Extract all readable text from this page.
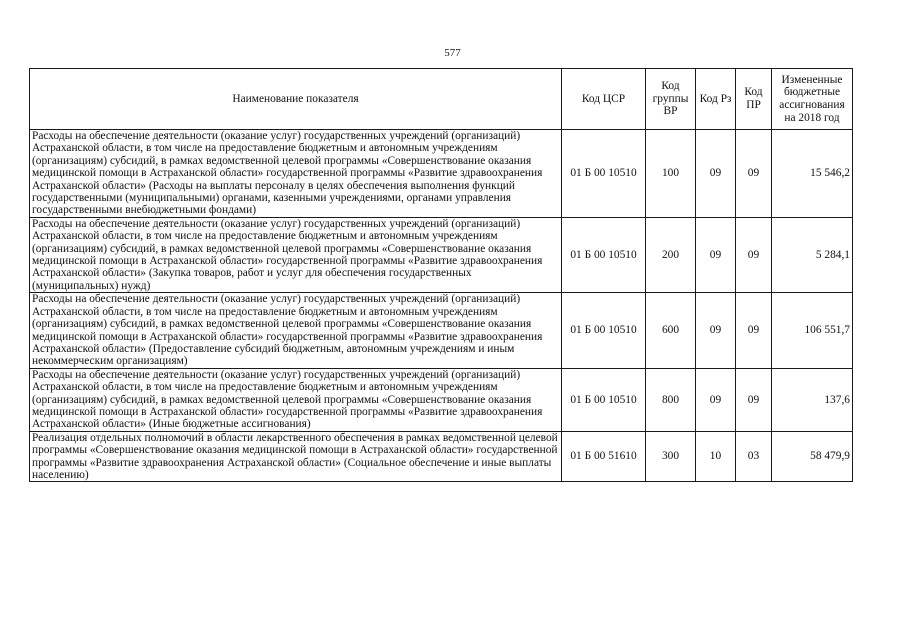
577
Наименование показателя	Код ЦСР	Код группы ВР	Код Рз	Код ПР	Измененные бюджетные ассигнования на 2018 год
Расходы на обеспечение деятельности (оказание услуг) государственных учреждений (организаций) Астраханской области, в том числе на предоставление бюджетным и автономным учреждениям (организациям) субсидий, в рамках ведомственной целевой программы «Совершенствование оказания медицинской помощи в Астраханской области» государственной программы «Развитие здравоохранения Астраханской области» (Расходы на выплаты персоналу в целях обеспечения выполнения функций государственными (муниципальными) органами, казенными учреждениями, органами управления государственными внебюджетными фондами)	01 Б 00 10510	100	09	09	15 546,2
Расходы на обеспечение деятельности (оказание услуг) государственных учреждений (организаций) Астраханской области, в том числе на предоставление бюджетным и автономным учреждениям (организациям) субсидий, в рамках ведомственной целевой программы «Совершенствование оказания медицинской помощи в Астраханской области» государственной программы «Развитие здравоохранения Астраханской области» (Закупка товаров, работ и услуг для обеспечения государственных (муниципальных) нужд)	01 Б 00 10510	200	09	09	5 284,1
Расходы на обеспечение деятельности (оказание услуг) государственных учреждений (организаций) Астраханской области, в том числе на предоставление бюджетным и автономным учреждениям (организациям) субсидий, в рамках ведомственной целевой программы «Совершенствование оказания медицинской помощи в Астраханской области» государственной программы «Развитие здравоохранения Астраханской области» (Предоставление субсидий бюджетным, автономным учреждениям и иным некоммерческим организациям)	01 Б 00 10510	600	09	09	106 551,7
Расходы на обеспечение деятельности (оказание услуг) государственных учреждений (организаций) Астраханской области, в том числе на предоставление бюджетным и автономным учреждениям (организациям) субсидий, в рамках ведомственной целевой программы «Совершенствование оказания медицинской помощи в Астраханской области» государственной программы «Развитие здравоохранения Астраханской области» (Иные бюджетные ассигнования)	01 Б 00 10510	800	09	09	137,6
Реализация отдельных полномочий в области лекарственного обеспечения в рамках ведомственной целевой программы «Совершенствование оказания медицинской помощи в Астраханской области» государственной программы «Развитие здравоохранения Астраханской области» (Социальное обеспечение и иные выплаты населению)	01 Б 00 51610	300	10	03	58 479,9
